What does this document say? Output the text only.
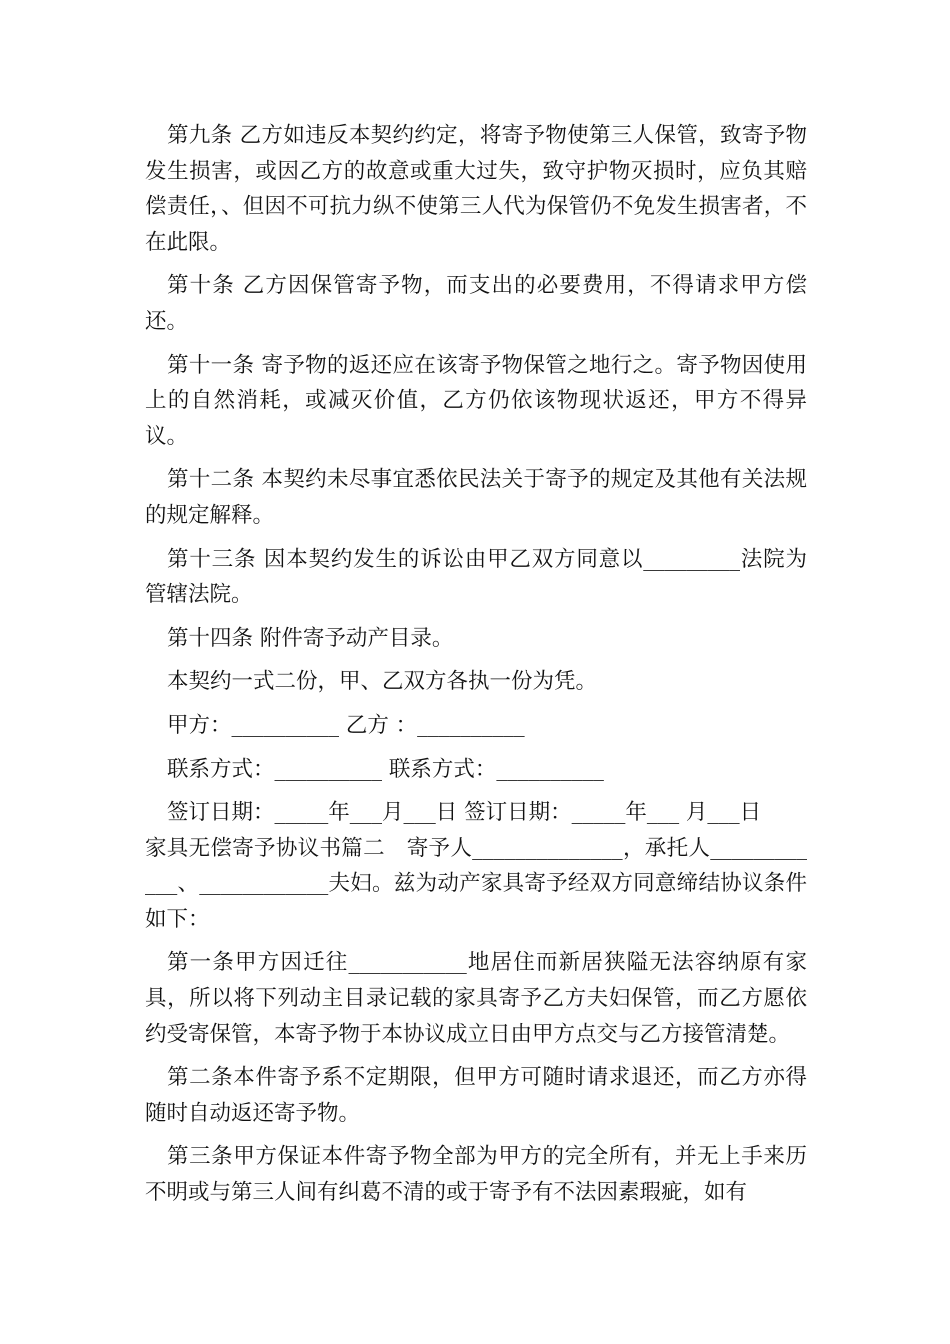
第九条 乙方如违反本契约约定，将寄予物使第三人保管，致寄予物发生损害，或因乙方的故意或重大过失，致守护物灭损时，应负其赔偿责任，、但因不可抗力纵不使第三人代为保管仍不免发生损害者，不在此限。

第十条 乙方因保管寄予物，而支出的必要费用，不得请求甲方偿还。

第十一条 寄予物的返还应在该寄予物保管之地行之。寄予物因使用上的自然消耗，或减灭价值，乙方仍依该物现状返还，甲方不得异议。

第十二条 本契约未尽事宜悉依民法关于寄予的规定及其他有关法规的规定解释。

第十三条 因本契约发生的诉讼由甲乙双方同意以_________法院为管辖法院。

第十四条 附件寄予动产目录。

本契约一式二份，甲、乙双方各执一份为凭。

甲方：__________ 乙方 ：__________

联系方式：__________ 联系方式：__________

签订日期：_____年___月___日 签订日期：_____年___ 月___日

家具无偿寄予协议书篇二　寄予人______________，承托人____________、____________夫妇。兹为动产家具寄予经双方同意缔结协议条件如下：

第一条甲方因迁往___________地居住而新居狭隘无法容纳原有家具，所以将下列动主目录记载的家具寄予乙方夫妇保管，而乙方愿依约受寄保管，本寄予物于本协议成立日由甲方点交与乙方接管清楚。

第二条本件寄予系不定期限，但甲方可随时请求退还，而乙方亦得随时自动返还寄予物。

第三条甲方保证本件寄予物全部为甲方的完全所有，并无上手来历不明或与第三人间有纠葛不清的或于寄予有不法因素瑕疵，如有
